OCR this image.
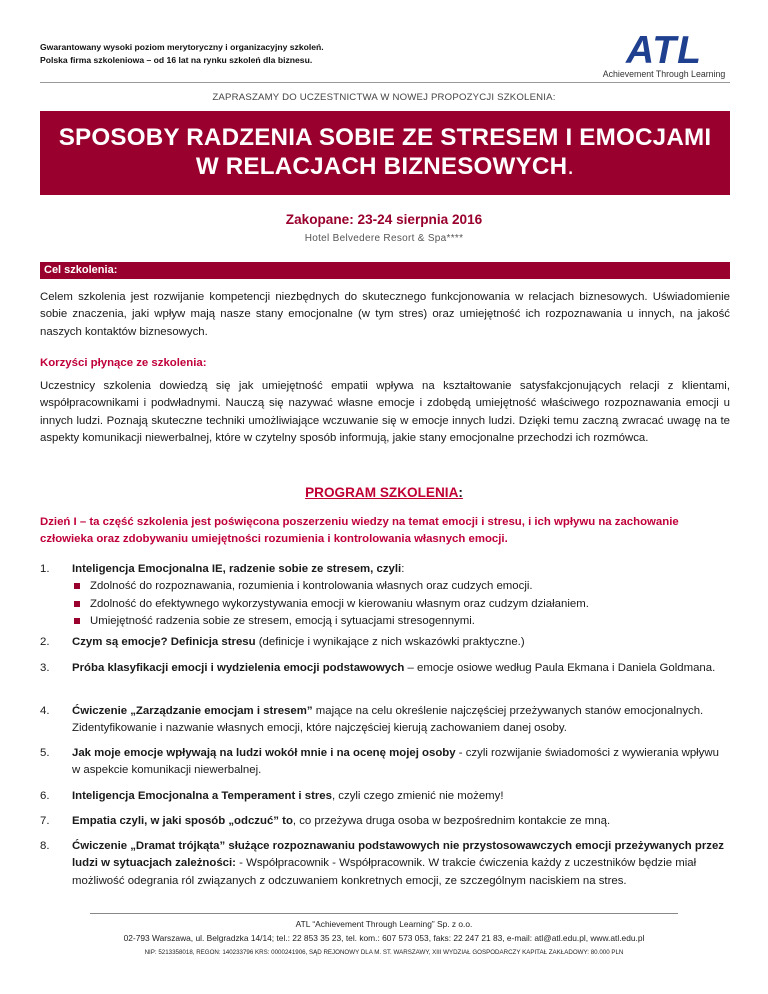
Gwarantowany wysoki poziom merytoryczny i organizacyjny szkoleń.
Polska firma szkoleniowa – od 16 lat na rynku szkoleń dla biznesu.	ATL
Achievement Through Learning
ZAPRASZAMY DO UCZESTNICTWA W NOWEJ PROPOZYCJI SZKOLENIA:
SPOSOBY RADZENIA SOBIE ZE STRESEM I EMOCJAMI
W RELACJACH BIZNESOWYCH.
Zakopane: 23-24 sierpnia 2016
Hotel Belvedere Resort & Spa****
Cel szkolenia:
Celem szkolenia jest rozwijanie kompetencji niezbędnych do skutecznego funkcjonowania w relacjach biznesowych. Uświadomienie sobie znaczenia, jaki wpływ mają nasze stany emocjonalne (w tym stres) oraz umiejętność ich rozpoznawania u innych, na jakość naszych kontaktów biznesowych.
Korzyści płynące ze szkolenia:
Uczestnicy szkolenia dowiedzą się jak umiejętność empatii wpływa na kształtowanie satysfakcjonujących relacji z klientami, współpracownikami i podwładnymi. Nauczą się nazywać własne emocje i zdobędą umiejętność właściwego rozpoznawania emocji u innych ludzi. Poznają skuteczne techniki umożliwiające wczuwanie się w emocje innych ludzi. Dzięki temu zaczną zwracać uwagę na te aspekty komunikacji niewerbalnej, które w czytelny sposób informują, jakie stany emocjonalne przechodzi ich rozmówca.
PROGRAM SZKOLENIA:
Dzień I – ta część szkolenia jest poświęcona poszerzeniu wiedzy na temat emocji i stresu, i ich wpływu na zachowanie człowieka oraz zdobywaniu umiejętności rozumienia i kontrolowania własnych emocji.
1. Inteligencja Emocjonalna IE, radzenie sobie ze stresem, czyli:
Zdolność do rozpoznawania, rozumienia i kontrolowania własnych oraz cudzych emocji.
Zdolność do efektywnego wykorzystywania emocji w kierowaniu własnym oraz cudzym działaniem.
Umiejętność radzenia sobie ze stresem, emocją i sytuacjami stresogennymi.
2. Czym są emocje? Definicja stresu (definicje i wynikające z nich wskazówki praktyczne.)
3. Próba klasyfikacji emocji i wydzielenia emocji podstawowych – emocje osiowe według Paula Ekmana i Daniela Goldmana.
4. Ćwiczenie „Zarządzanie emocjam i stresem” mające na celu określenie najczęściej przeżywanych stanów emocjonalnych. Zidentyfikowanie i nazwanie własnych emocji, które najczęściej kierują zachowaniem danej osoby.
5. Jak moje emocje wpływają na ludzi wokół mnie i na ocenę mojej osoby - czyli rozwijanie świadomości z wywierania wpływu w aspekcie komunikacji niewerbalnej.
6. Inteligencja Emocjonalna a Temperament i stres, czyli czego zmienić nie możemy!
7. Empatia czyli, w jaki sposób „odczuć” to, co przeżywa druga osoba w bezpośrednim kontakcie ze mną.
8. Ćwiczenie „Dramat trójkąta” służące rozpoznawaniu podstawowych nie przystosowawczych emocji przeżywanych przez ludzi w sytuacjach zależności: - Współpracownik - Współpracownik. W trakcie ćwiczenia każdy z uczestników będzie miał możliwość odegrania ról związanych z odczuwaniem konkretnych emocji, ze szczególnym naciskiem na stres.
ATL “Achievement Through Learning” Sp. z o.o.
02-793 Warszawa, ul. Belgradzka 14/14; tel.: 22 853 35 23, tel. kom.: 607 573 053, faks: 22 247 21 83, e-mail: atl@atl.edu.pl, www.atl.edu.pl
NIP: 5213358018, REGON: 140233796 KRS: 0000241906, SĄD REJONOWY DLA M. ST. WARSZAWY, XIII WYDZIAŁ GOSPODARCZY KAPITAŁ ZAKŁADOWY: 80.000 PLN
